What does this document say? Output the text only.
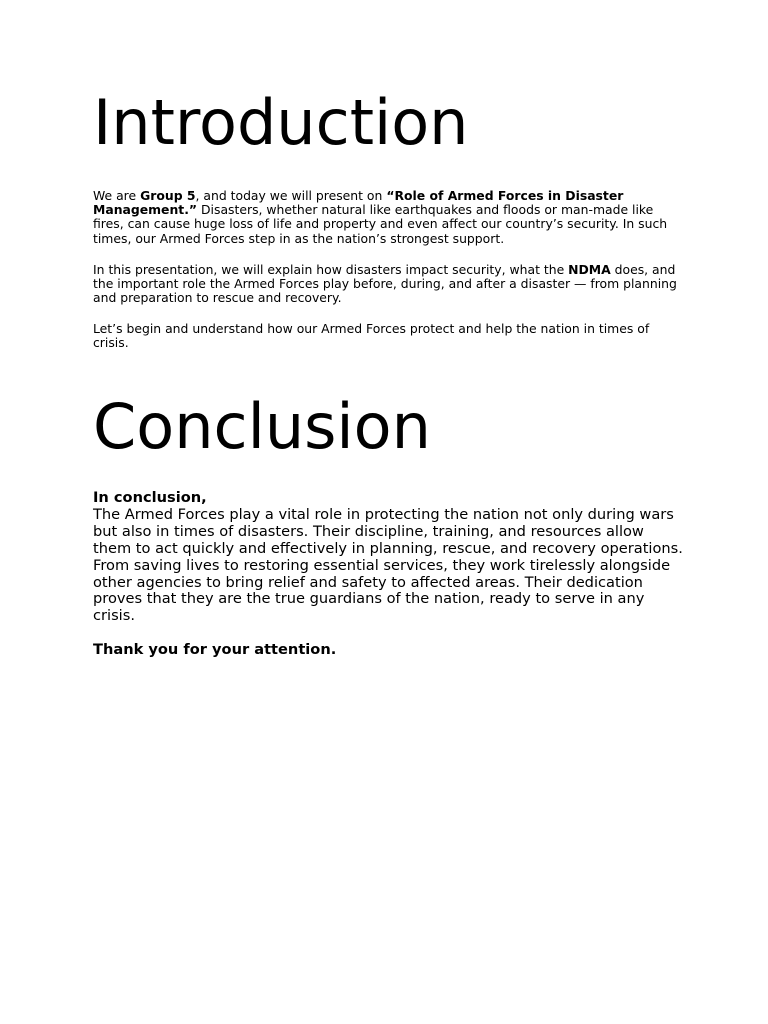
Introduction

We are Group 5, and today we will present on “Role of Armed Forces in Disaster Management.” Disasters, whether natural like earthquakes and floods or man-made like fires, can cause huge loss of life and property and even affect our country’s security. In such times, our Armed Forces step in as the nation’s strongest support.

In this presentation, we will explain how disasters impact security, what the NDMA does, and the important role the Armed Forces play before, during, and after a disaster — from planning and preparation to rescue and recovery.

Let’s begin and understand how our Armed Forces protect and help the nation in times of crisis.

Conclusion

In conclusion,

The Armed Forces play a vital role in protecting the nation not only during wars but also in times of disasters. Their discipline, training, and resources allow them to act quickly and effectively in planning, rescue, and recovery operations. From saving lives to restoring essential services, they work tirelessly alongside other agencies to bring relief and safety to affected areas. Their dedication proves that they are the true guardians of the nation, ready to serve in any crisis.

Thank you for your attention.
